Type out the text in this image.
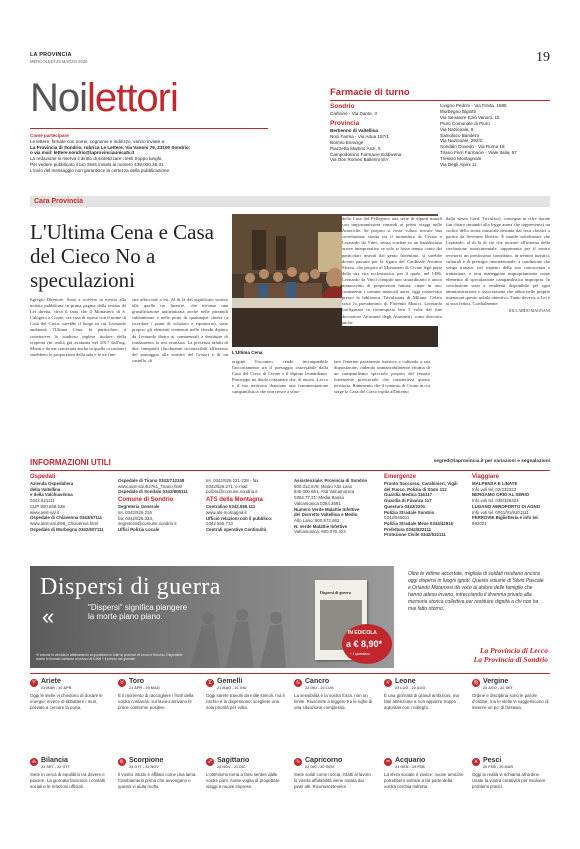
LA PROVINCIA
MERCOLEDÌ 25 MARZO 2026	19
Noilettori
Come partecipare
Le lettere, firmate con nome, cognome e indirizzo, vanno inviate a:
La Provincia di Sondrio, rubrica Le Lettere, Via Vanoni 79, 23100 Sondrio;
o via mail: lettere.sondrio@laprovinciaunicatv.it
La redazione si riserva il diritto di sintetizzare i testi troppo lunghi.
Per vedere pubblicato il tuo SMS invialo al numero 439.000.36.31
L'invio del messaggio non garantisce la certezza della pubblicazione.
Farmacie di turno
Sondrio
Carbone - Via Dante, 3
Provincia
Berbenno di Valtellina
Noci Farma - Via Adua 157/1
Bormio Enrange
Piazzetta Martino Anzi, 5
Campodolcino Farmacie Eddiwena
Via Don Romeo Ballerini 8/A
Livigno Pedrini - Via Freita, 1585
Morbegno Bigiotti
Via Senatore Ezio Vanoni, 15
Piuro Comunale di Piuro
Via Nazionale, 5
Samolaco Bandera
Via Nazionale, 292/C
Sondalo Dovedo - Via Roma 18
Tirano Ferri Farmacie - Viale Italia, 57
Tresivio Montagnani
Via Degli Alpini 11
Cara Provincia
L'Ultima Cena e Casa del Cieco No a speculazioni
L'Ultima Cena
Egregio Direttore, Sono a scrivere in merito alla notizia pubblicata in prima pagina dalla testata da Lei diretta, circa il fatto che il Monastero di S. Calogero a Civate, ora casa di riposo con il nome di Casa del Cieco, sarebbe il luogo in cui Leonardo ambientò l'Ultima Cena. In particolare, a convincere lo studioso inglese titolare della scoperta (in realtà già avanzata nel 2017 dall'ing. Monti e da me contestata anche in quella occasione) sarebbero le proporzioni della sala e le tre fine-
stre affacciate a est. Al di là del significato sotteso alle quelle tre finestre, che trovano una giustificazione antitrinitaria anche nelle piramidi sublaminare e nelle porte di qualunque chiesa (a ricordare i punti di solstizio e equinozio), sono proprio gli elementi contenuti nello sfondo dipinto da Leonardo dietro ai commensali a destituire di fondamento la tesi avanzata. La presenza infatti di due campanili (facilmente riconoscibili all'interno del paesaggio alla sinistra del Cristo) e di un castello, di	origine Visconteo, rende incompatibile l'accostamento tra il paesaggio osservabile dalla Casa del Cieco di Civate e il dipinto leonardiano. Purtroppo mi duole constatare che, di nuovo, Lecco e il suo territorio denotano una frammentazione campanilistica che non riesce a sfrut-
tare l'enorme patrimonio turistico e culturale a sua disposizione, cadendo immancabilmente vittima di un campanilismo spicciolo proprio del tessuto fortemente provinciale che caratterizza questo territorio. Rammento che il contesto di Civate in cui sorge la Casa del Cieco ospita all'interno
dallo stesso Card. Trivulzio), consegna in cifre dorate (un chiaro rimando alla legge aurea che rappresenta) un codice della storia musicale desunta dai testi classici a partire da Severino Boezio. È inutile sottolineare che Leonardo, al di là di ciò che incarnò all'interno della rivoluzione rinascimentale, rappresenta per il nostro territorio un prestissimo contributo, in termini turistici, culturali e di prestigio internazionale, a condizione che venga trattato; nel rispetto della sua conoscenza e trattazione, e non maneggiato impropriamente come elemento di speculazione campanilistica impropria. In conclusione sono a rendermi disponibile per ogni amministrazione o associazione che abbia nelle proprie intenzioni questo nobile obiettivo. Tanto doveva, a Lei e ai suoi lettori. Cordialmente
RICCARDO MAGNANI
della Casa del Pellegrino una serie di dipinti murali con importantissimi rimandi ai primi viaggi nelle Americhe. Se proprio si fosse voluto trovare una correlazione stretta tra il monastero di Civate e Leonardo da Vinci, senza scadere in un banalissimo errore interpretativo se solo si fosse tenuto conto dei particolari inseriti dal genio fiorentino, si sarebbe dovuti passare per la figura del Cardinale Ascanio Sforza, che proprio al Monastero di Civate legò parte della sua vita ecclesiastica, per il quale, nel 1486, Leonardo da Vinci compilò uno straordinario e unico manoscritto di proporzioni fattura, citate in uso, contenente i comuni musicali aurei, oggi conservato presso la biblioteca Trivulziana di Milano. Celato sotto lo pseudonimo di Florentii Musici, Leonardo (raffigurato in frontespizio ben 5 volte dal fine decoratore Attavante degli Attavanti), come descritto anche
INFORMAZIONI UTILI	segred@laprovincia.it per variazioni e segnalazioni
Ospedali
Azienda Ospedaliera
della Valtellina
e della Valchiavenna
0342.521111
CUP 800.638.638
www.asst-val.it
Ospedale di Chiavenna 0343/67111
www.asst-val.it/98_Chiavenna.html
Ospedale di Morbegno 0342/607111
Ospedale di Tirano 0342/712248
www.asst-val.it/2761_Tirano.html
Ospedale di Sondalo 0342/808111
Comune di Sondrio
Segreteria Generale
tel. 0342/526.216
fax 0342/526.333,
segreteria@comune.sondrio.it
Uffici Polizia Locale
tel. 0342/526.221-228 - fax
0342/526.271, e-mail:
polizia@comune.sondrio.it
ATS della Montagna
Centralino 0342.555.111
www.ats-montagna.it
Ufficio relazioni con il pubblico:
0342.555.713
Centrali operative Continuità
Assistenziale: Provincia di Sondrio
800.312.678; Medio Alto Lario
840.000.661; Alta Valcamonica
0364.77.21; Media Bassa
Valcamonica 0364.3691
Numero Verde Malattie Infettive
del Distretto Valtellina e Medio
Alto Lario: 800.572.662
N. Verde Malattie Infettive
Valcamonica: 800.076.323
Emergenze
Pronto Soccorso, Carabinieri, Vigili
del Fuoco, Polizia di Stato 112
Guardia Medica 116117
Guardia di Finanza 117
Questura 0342/2201
Polizia Stradale Sondrio
0342/545011
Polizia Stradale Mese 0343/42816
Prefettura 0342/532111
Protezione Civile 0342/532111
Viaggiare
MALPENSA E LINATE
Info voli tel. 02/232323
BERGAMO ORIO AL SERIO
Info voli tel. 035/326323
LUGANO AEROPORTO DI AGNO
Info voli tel. 0041/91/6101111
FERROVIE Biglietteria e info tel.
892021
Dispersi di guerra
«	"Dispersi" significa piangere la morte piano piano.
*Il volume in vendita in abbinamento al quotidiano in tutte le province di Lecco e Sondrio. Disponibile anche in formato cartaceo al prezzo di 8,90€ + il prezzo del giornale.
Dispersi di guerra
IN EDICOLA
a € 8,90*
+ il quotidiano
Oltre le vittime accertate, migliaia di soldati risultano ancora oggi dispersi in luoghi ignoti. Questo volume di Silvio Pascale e Orlando Motarossi dà voce al dolore delle famiglie che hanno atteso invano, intrecciando il dramma privato alla memoria storica collettiva per restituire dignità a chi non ha mai fatto ritorno.
La Provincia di Lecco
La Provincia di Sondrio
♈ Ariete
21 MAR - 20 APR
Oggi le stelle vi chiedono di dosare le energie: invece di abbattere i muri, provate a cercare la porta.
♉ Toro
21 APR - 20 MAG
È il momento di raccogliere i frutti della vostra costanza: sul lavoro arrivano le prime conferme positive.
♊ Gemelli
21 MAG - 21 GIU
Oggi sarete travolti da mille stimoli, ma il rischio è la dispersione: scegliete una sola priorità per volta.
♋ Cancro
22 GIU - 22 LUG
La sensibilità è la vostra forza, non un limite. Riuscirete a leggere tra le righe di una situazione complessa.
♌ Leone
23 LUG - 22 AGO
È una giornata di grandi ambizioni, ma fate attenzione a non apparire troppo autoritari con i colleghi.
♍ Vergine
23 AGO - 22 SET
Ordine e disciplina sono le parole d'ordine, ma le stelle vi suggeriscono di inserire un po' di fantasia.
♎ Bilancia
23 SET - 22 OTT
Siete in cerca di equilibrio tra dovere e piacere. La giornata favorisce i contatti sociali e le relazioni ufficiali.
♏ Scorpione
23 OTT - 22 NOV
Il vostro intuito è affilato come una lama. Cambiamenti prima che avvengano e questo vi aiuta molto.
♐ Sagittario
23 NOV - 21 DIC
L'ottimismo torna a farsi sentire dalle vostre parti. Avete voglia di progettare viaggi a nuove imprese.
♑ Capricorno
22 DIC - 20 GEN
Siete solidi come roccia, infatti al lavoro la vostra affidabilità viene notata dai piani alti. Riconoscetevelo!
♒ Acquario
21 GEN - 19 FEB
La sfera sociale è vivace: nuove amicizie potrebbero entrare a far parte della vostra cerchia ristretta.
♓ Pesci
20 FEB - 20 MAR
Oggi la realtà vi richiama all'ordine. Usate la vostra creatività per risolvere problemi pratici.
